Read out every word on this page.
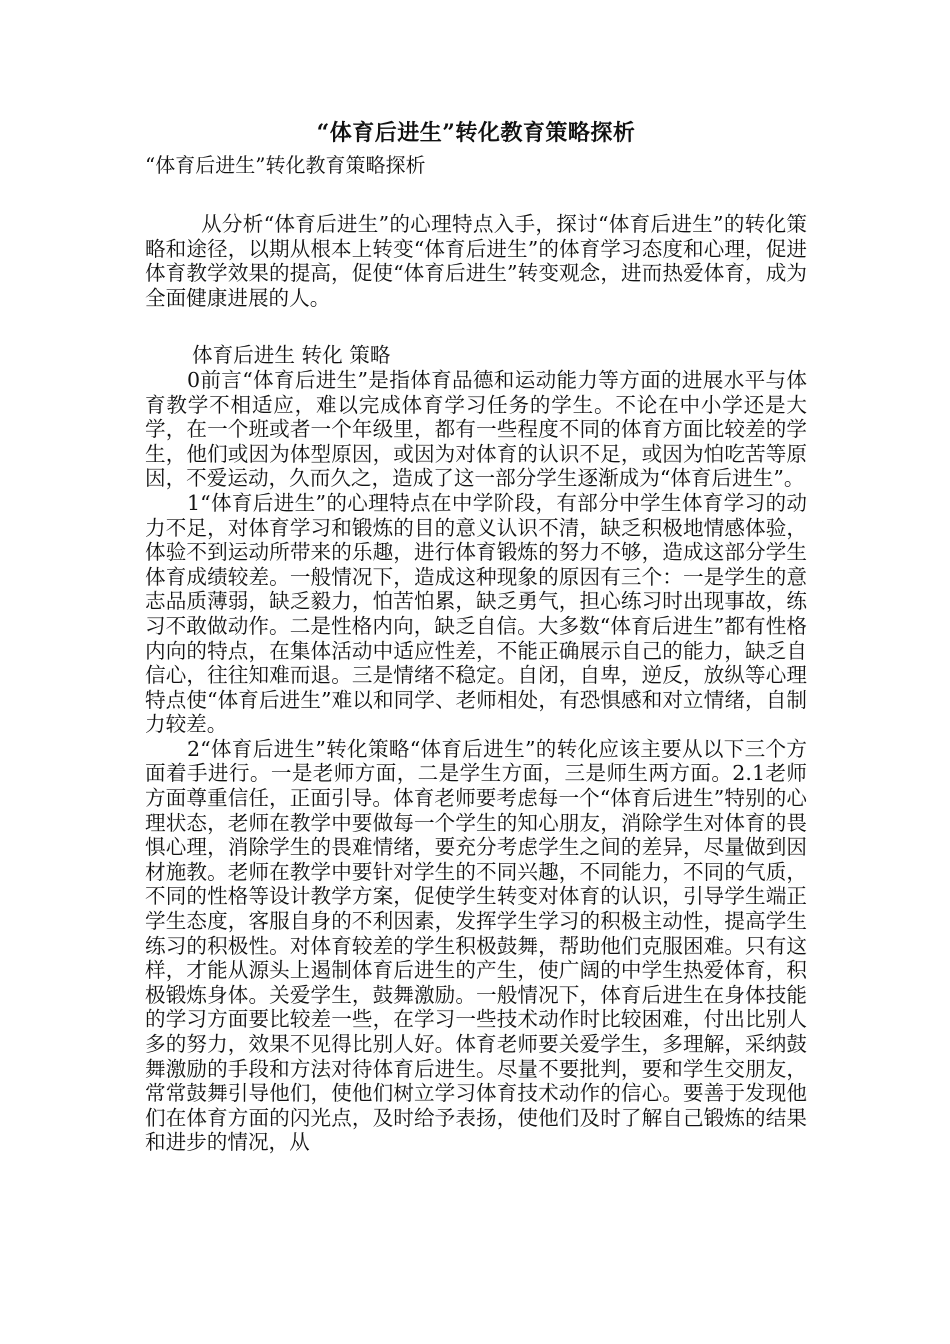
“体育后进生”转化教育策略探析

“体育后进生”转化教育策略探析

从分析“体育后进生”的心理特点入手，探讨“体育后进生”的转化策略和途径，以期从根本上转变“体育后进生”的体育学习态度和心理，促进体育教学效果的提高，促使“体育后进生”转变观念，进而热爱体育，成为全面健康进展的人。

体育后进生 转化 策略

0前言“体育后进生”是指体育品德和运动能力等方面的进展水平与体育教学不相适应，难以完成体育学习任务的学生。不论在中小学还是大学，在一个班或者一个年级里，都有一些程度不同的体育方面比较差的学生，他们或因为体型原因，或因为对体育的认识不足，或因为怕吃苦等原因，不爱运动，久而久之，造成了这一部分学生逐渐成为“体育后进生”。

1“体育后进生”的心理特点在中学阶段，有部分中学生体育学习的动力不足，对体育学习和锻炼的目的意义认识不清，缺乏积极地情感体验，体验不到运动所带来的乐趣，进行体育锻炼的努力不够，造成这部分学生体育成绩较差。一般情况下，造成这种现象的原因有三个：一是学生的意志品质薄弱，缺乏毅力，怕苦怕累，缺乏勇气，担心练习时出现事故，练习不敢做动作。二是性格内向，缺乏自信。大多数“体育后进生”都有性格内向的特点，在集体活动中适应性差，不能正确展示自己的能力，缺乏自信心，往往知难而退。三是情绪不稳定。自闭，自卑，逆反，放纵等心理特点使“体育后进生”难以和同学、老师相处，有恐惧感和对立情绪，自制力较差。

2“体育后进生”转化策略“体育后进生”的转化应该主要从以下三个方面着手进行。一是老师方面，二是学生方面，三是师生两方面。2.1老师方面尊重信任，正面引导。体育老师要考虑每一个“体育后进生”特别的心理状态，老师在教学中要做每一个学生的知心朋友，消除学生对体育的畏惧心理，消除学生的畏难情绪，要充分考虑学生之间的差异，尽量做到因材施教。老师在教学中要针对学生的不同兴趣，不同能力，不同的气质，不同的性格等设计教学方案，促使学生转变对体育的认识，引导学生端正学生态度，客服自身的不利因素，发挥学生学习的积极主动性，提高学生练习的积极性。对体育较差的学生积极鼓舞，帮助他们克服困难。只有这样，才能从源头上遏制体育后进生的产生，使广阔的中学生热爱体育，积极锻炼身体。关爱学生，鼓舞激励。一般情况下，体育后进生在身体技能的学习方面要比较差一些，在学习一些技术动作时比较困难，付出比别人多的努力，效果不见得比别人好。体育老师要关爱学生，多理解，采纳鼓舞激励的手段和方法对待体育后进生。尽量不要批判，要和学生交朋友，常常鼓舞引导他们，使他们树立学习体育技术动作的信心。要善于发现他们在体育方面的闪光点，及时给予表扬，使他们及时了解自己锻炼的结果和进步的情况，从
